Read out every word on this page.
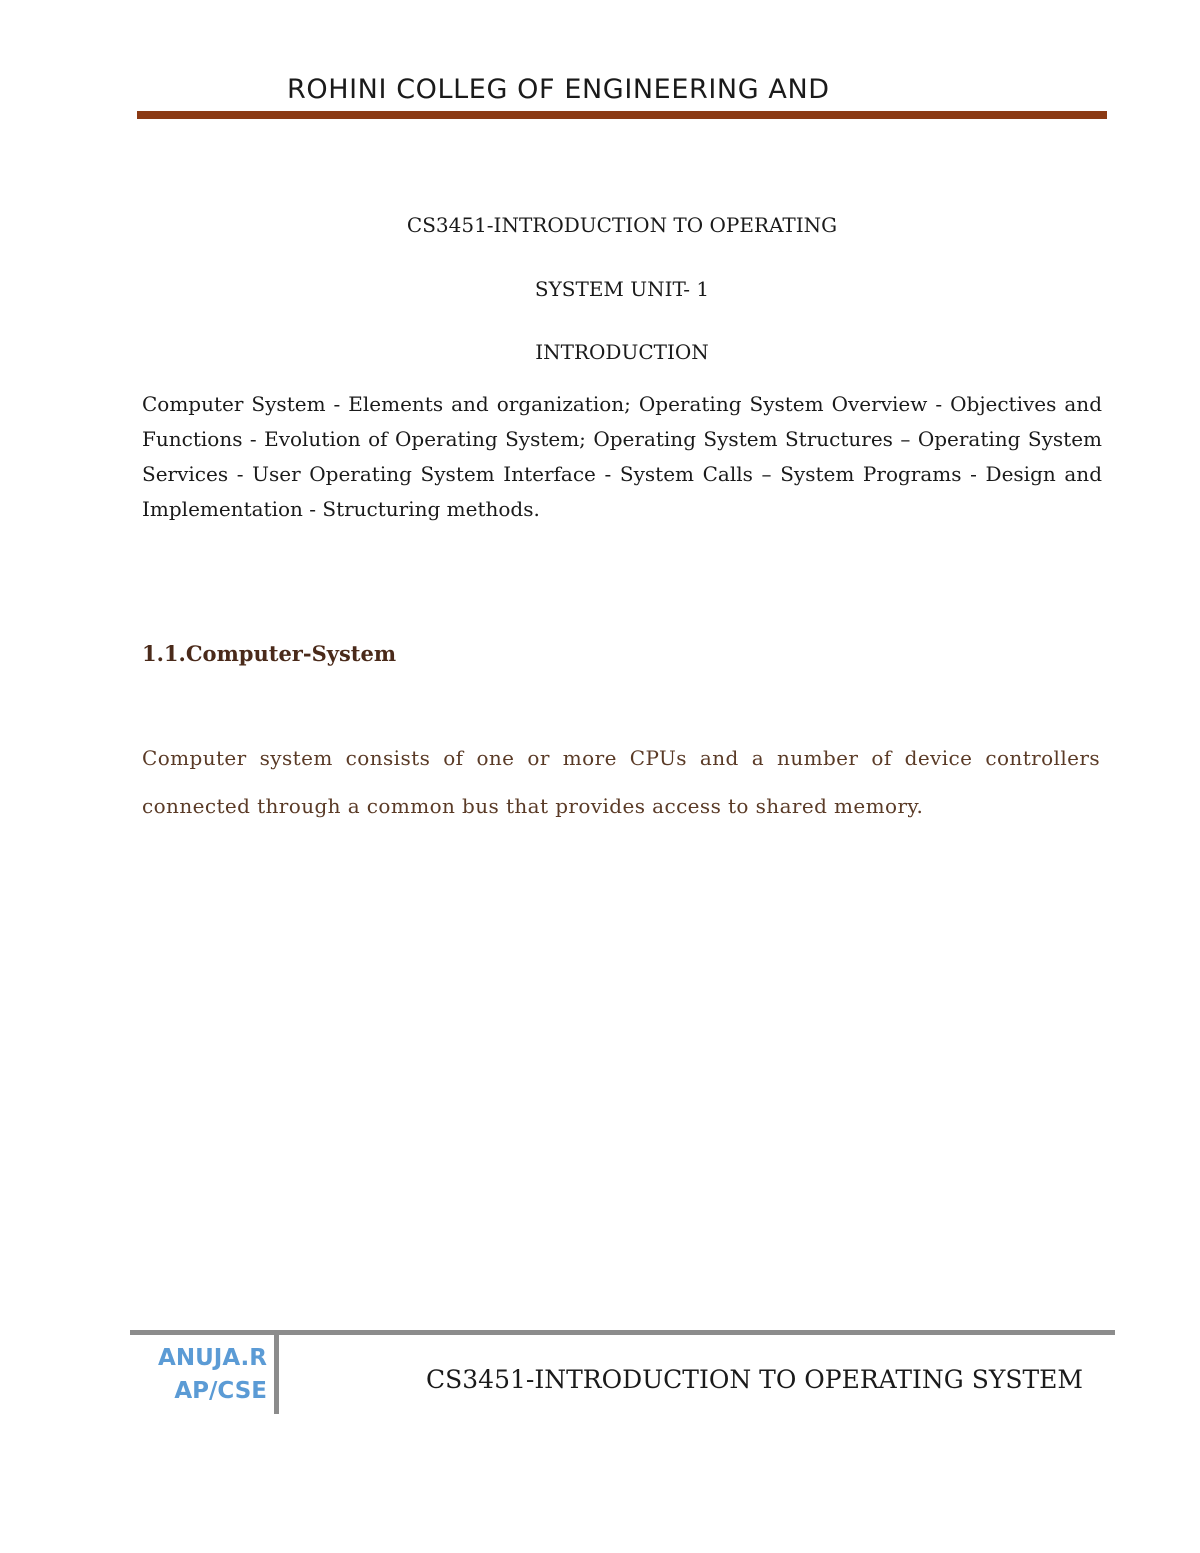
ROHINI COLLEG OF ENGINEERING AND
CS3451-INTRODUCTION TO OPERATING
SYSTEM UNIT- 1
INTRODUCTION
Computer System - Elements and organization; Operating System Overview - Objectives and Functions - Evolution of Operating System; Operating System Structures – Operating System Services - User Operating System Interface - System Calls – System Programs - Design and Implementation - Structuring methods.
1.1.Computer-System
Computer system consists of one or more CPUs and a number of device controllers connected through a common bus that provides access to shared memory.
ANUJA.R
AP/CSE	CS3451-INTRODUCTION TO OPERATING SYSTEM
